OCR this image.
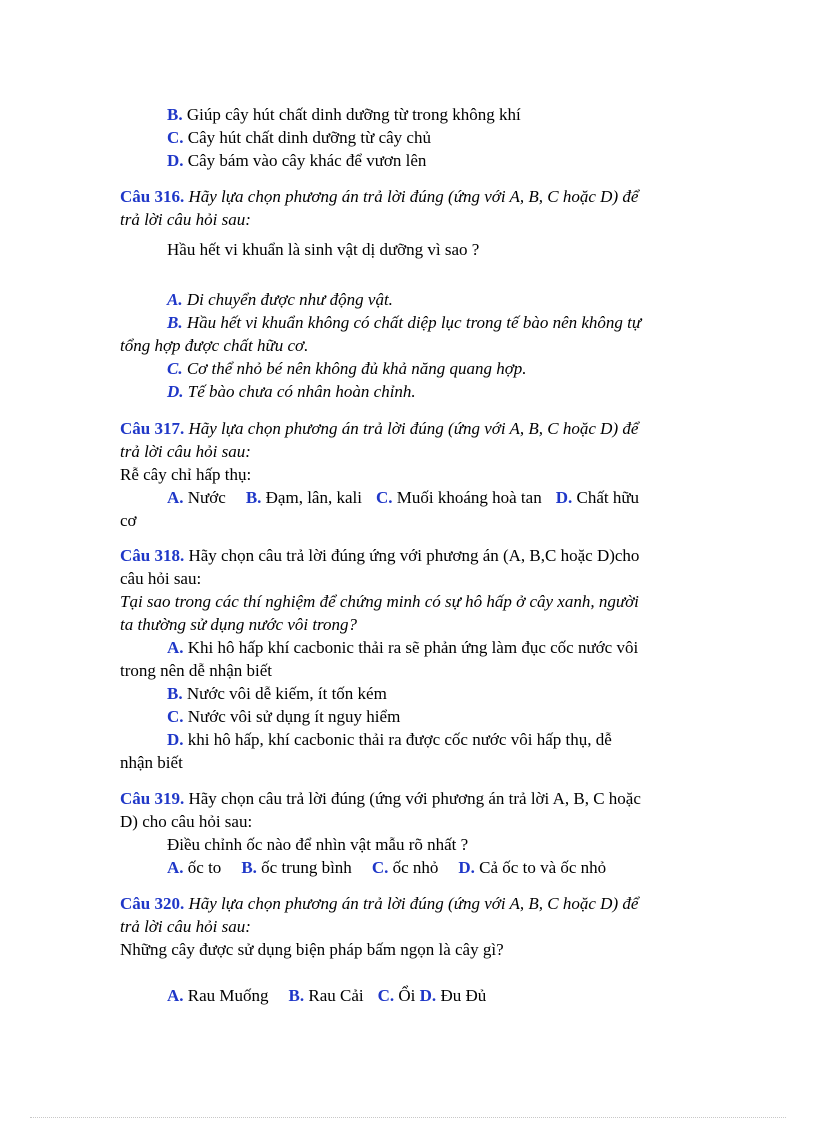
B. Giúp cây hút chất dinh dưỡng từ trong không khí
C. Cây hút chất dinh dưỡng từ cây chủ
D. Cây bám vào cây khác để vươn lên
Câu 316. Hãy lựa chọn phương án trả lời đúng (ứng với A, B, C hoặc D) để
trả lời câu hỏi sau:
Hầu hết vi khuẩn là sinh vật dị dưỡng vì sao ?
A. Di chuyển được như động vật.
B. Hầu hết vi khuẩn không có chất diệp lục trong tế bào nên không tự
tổng hợp được chất hữu cơ.
C. Cơ thể nhỏ bé nên không đủ khả năng quang hợp.
D. Tế bào chưa có nhân hoàn chỉnh.
Câu 317. Hãy lựa chọn phương án trả lời đúng (ứng với A, B, C hoặc D) để
trả lời câu hỏi sau:
Rễ cây chỉ hấp thụ:
A. Nước B. Đạm, lân, kali C. Muối khoáng hoà tan D. Chất hữu
cơ
Câu 318. Hãy chọn câu trả lời đúng ứng với phương án (A, B,C hoặc D)cho
câu hỏi sau:
Tại sao trong các thí nghiệm để chứng minh có sự hô hấp ở cây xanh, người
ta thường sử dụng nước vôi trong?
A. Khi hô hấp khí cacbonic thải ra sẽ phản ứng làm đục cốc nước vôi
trong nên dễ nhận biết
B. Nước vôi dễ kiếm, ít tốn kém
C. Nước vôi sử dụng ít nguy hiểm
D. khi hô hấp, khí cacbonic thải ra được cốc nước vôi hấp thụ, dễ
nhận biết
Câu 319. Hãy chọn câu trả lời đúng (ứng với phương án trả lời A, B, C hoặc
D) cho câu hỏi sau:
Điều chỉnh ốc nào để nhìn vật mẫu rõ nhất ?
A. ốc to B. ốc trung bình C. ốc nhỏ D. Cả ốc to và ốc nhỏ
Câu 320. Hãy lựa chọn phương án trả lời đúng (ứng với A, B, C hoặc D) để
trả lời câu hỏi sau:
Những cây được sử dụng biện pháp bấm ngọn là cây gì?
A. Rau Muống B. Rau Cải C. Ổi D. Đu Đủ
